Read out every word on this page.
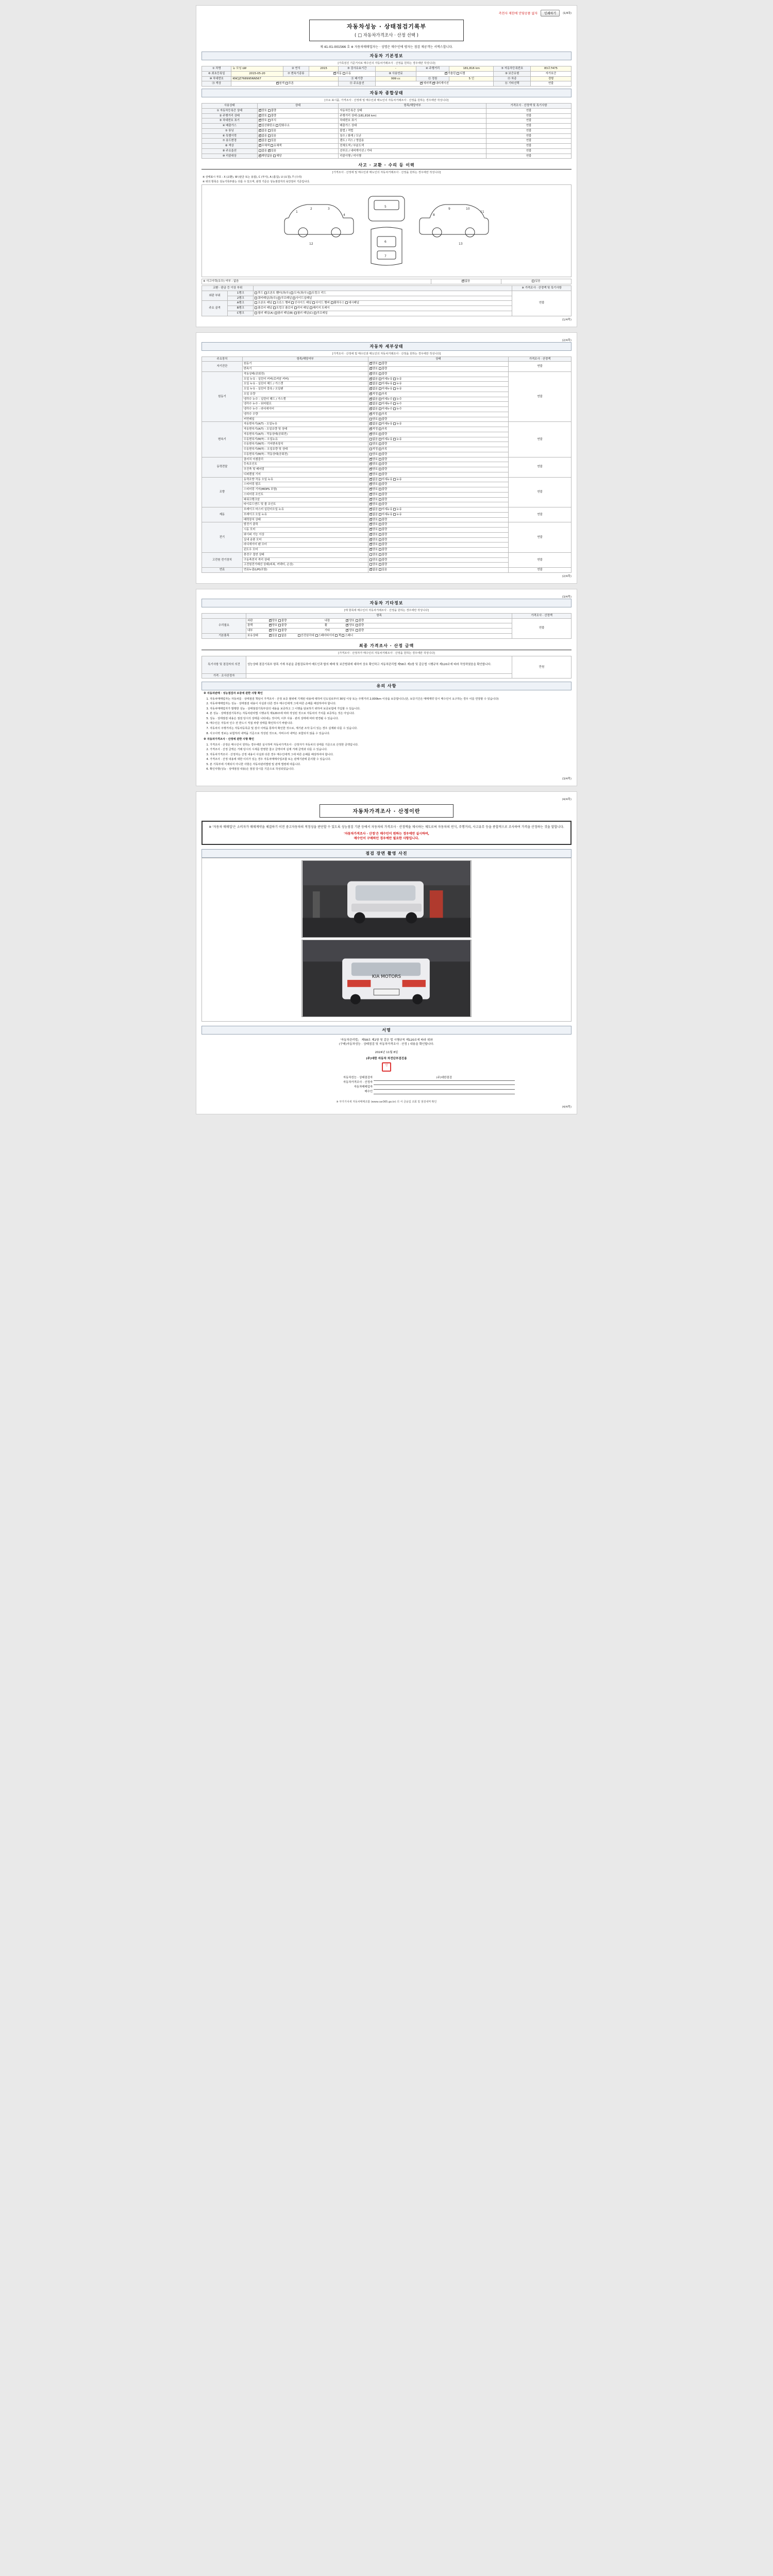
측천사 제한에 안당공품 없자	인쇄하기	(1/4쪽)
자동차성능 · 상태점검기록부
( □ 자동차가격조사 · 산정 선택 )
제 41-01-001566 호 ※ 자동차매매업자는 · 성명은 매수인에 평자는 점검 제공객는 서액스합니다.
자동차 기본정보
[가족검진 기준거치로 매수인의 자동차거래조사 · 산정을 원하는 경우에만 작성니다]
① 차명	뉴 모닝 LW	② 연식	2015	③ 검사유효기간	-	④ 주행거리	181,816 km	⑤ 자동차등록번호	83조7475
⑥ 최초등록일	2015-05-20	⑦ 변속기종류	✓자동 수동		⑧ 사용연료	✓가솔린 디젤		⑨ 보증유형	자가보증
⑩ 차대번호	KNCJZ768995NN567			⑪ 배기량	999 cc	⑫ 정원	5 인	⑬ 차종	경형
⑭ 색상	✓원색 투톤			⑮ 주요옵션	✓에어백 ✓ 내비게이션			⑯ 기타선택	연불
자동차 종합상태
[주요 표시품, 가격조사 · 산정에 및 매수인과 매도인의 자동차거래조사 · 산정을 원하는 경우에만 작성니다]
사용상태	상태	항목/해당여부	가격조사 · 산정액 및 특기사항
① 자동차등록증 상태	✓양호 불량	자동차등록증 상태	연불
② 주행거리 상태	✓양호 불량	주행거리 상태 (181,816 km)	연불
③ 차대번호 표기	✓양호 부식	차대번호 표기	연불
④ 배출가스	✓일산화탄소 탄화수소	배출가스 상태	연불
⑤ 튜닝	✓없음 있음	불법 / 적법	연불
⑥ 특별이력	✓없음 있음	침수 / 화재 / 도난	연불
⑦ 용도변경	✓없음 있음	렌트 / 리스 / 영업용	연불
⑧ 색상	✓무채색 유채색	전체도색 / 부분도색	연불
⑨ 주요옵션	없음 ✓ 있음	선루프 / 내비게이션 / 기타	연불
⑩ 리콜대상	✓해당없음 해당	리콜이행 / 미이행	연불
사고 · 교환 · 수리 등 이력
[가격조사 · 산정에 및 매수인과 매도인의 자동차거래조사 · 산정을 원하는 경우에만 작성니다]
※ 상태표시 부호 : X (교환), W (판금 또는 용접), C (부식), A (흠집), U (요철), T (수리)
※ 위의 항목은 성능기록부와는 다를 수 있으며, 판정 기준은 성능점검자의 육안검사 기준입니다.
1
2	3
4
5
6
7
8
9	10
11
12	13
※ 사고이력(유무) 여부 : 없음	✓없음	있음
교환 · 판금 등 이상 부위			※ 가격조사 · 산정액 및 특기사항
외판 부위	1랭크	후드 프론트 휀더(좌/우) 도어(좌/우) 트렁크 리드	연불
	2랭크	쿼터패널(좌/우) 루프패널 사이드실패널	
주요 골격	A랭크	프론트 패널 크로스 멤버 인사이드 패널 사이드 멤버 휠하우스 대시패널	
	B랭크	플로어 패널 트렁크 플로어 리어 패널 패키지 트레이	
	C랭크	필러 패널(A) 필러 패널(B) 필러 패널(C) 루프레일	
(1/4쪽)
(2/4쪽)
자동차 세부상태
[가격조사 · 산정에 및 매수인과 매도인의 자동차거래조사 · 산정을 원하는 경우에만 작성니다]
주요장치	항목/해당여부	상태	가격조사 · 산정액
자기진단	원동기	✓양호 불량	연불
	변속기	✓양호 불량
원동기	작동상태(공회전)	✓양호 불량	연불
	오일 누유 - 실린더 커버(로커암 커버)	✓없음 미세누유 누유
	오일 누유 - 실린더 헤드 / 가스켓	✓없음 미세누유 누유
	오일 누유 - 실린더 블록 / 오일팬	✓없음 미세누유 누유
	오일 유량	✓적정 부족
	냉각수 누수 - 실린더 헤드 / 가스켓	✓없음 미세누수 누수
	냉각수 누수 - 워터펌프	✓없음 미세누수 누수
	냉각수 누수 - 라디에이터	✓없음 미세누수 누수
	냉각수 수량	✓적정 부족
	커먼레일	양호 불량	
변속기	자동변속기(A/T) - 오일누유	✓없음 미세누유 누유	연불
	자동변속기(A/T) - 오일유량 및 상태	✓적정 부족
	자동변속기(A/T) - 작동상태(공회전)	✓양호 불량
	수동변속기(M/T) - 오일누유	없음 미세누유 누유	
	수동변속기(M/T) - 기어변속장치	양호 불량	
	수동변속기(M/T) - 오일유량 및 상태	적정 부족	
	수동변속기(M/T) - 작동상태(공회전)	양호 불량	
동력전달	클러치 어셈블리	✓양호 불량	연불
	등속조인트	✓양호 불량
	추진축 및 베어링	✓양호 불량
	디퍼렌셜 기어	✓양호 불량
조향	동력조향 작동 오일 누유	✓없음 미세누유 누유	연불
	스티어링 펌프	✓양호 불량
	스티어링 기어(MDPS 포함)	✓양호 불량
	스티어링 조인트	✓양호 불량
	파워크랭크암	✓양호 불량
	타이로드엔드 및 볼 조인트	✓양호 불량
제동	브레이크 마스터 실린더오일 누유	✓없음 미세누유 누유	연불
	브레이크 오일 누유	✓없음 미세누유 누유
	배력장치 상태	✓양호 불량
전기	발전기 출력	✓양호 불량	연불
	시동 모터	✓양호 불량
	와이퍼 기능 이상	✓양호 불량
	실내 송풍 모터	✓양호 불량
	라디에이터 팬 모터	✓양호 불량
	윈도우 모터	✓양호 불량
고전원 전기장치	충전구 절연 상태	양호 불량	연불
	구동축전지 격리 상태	양호 불량	
	고전원전기배선 상태(피복, 커넥터, 손상)	양호 불량	
연료	연료누출(LPG포함)	✓없음 있음	연불
(2/4쪽)
(3/4쪽)
자동차 기타정보
[매 항목에 매수인의 자동차거래조사 · 산정을 원하는 경우에만 작성니다]
	항목	가격조사 · 산정액
수리필요	외판 ✓ 양호 불량 내장 ✓ 양호 불량	연불
	광택 ✓ 양호 불량 휠 ✓ 양호 불량
	내부 ✓ 양호 불량 기타 ✓ 양호 불량
기본품목	보유상태 ✓ 있음 없음 안전삼각대 스페어타이어 잭 스패너
최종 가격조사 · 산정 금액
[가격조사 · 산정자가 매수인의 자동차거래조사 · 산정을 원하는 경우에만 작성니다]
특기사항 및 점검자의 의견	성능상태 점검기록부 항목 기재 부분을 종합검토하여 매도인과 합의 매매 및 보증범위에 대하여 상호 확인하고 자동차관리법 제58조 제1항 및 같은법 시행규칙 제120조에 따라 작성하였음을 확인합니다.	만원
가격 · 조사산정자		
유의 사항

※ 자동차판매 · 성능점검자 보증에 관한 사항 확인

1. 자동차매매업자는 자동차를 · 상태점검 책임이 가격조사 · 산정 보증 범위에 기재된 내용에 대하여 인도일로부터 30일 이상 또는 주행거리 2,000km 이상을 보증합니다.(단, 보증기간은 매매계약 당시 매수인이 요구하는 경우 이를 연장할 수 있습니다)
2. 자동차매매업자는 성능 · 상태점검 내용이 사실과 다른 경우 매수인에게 그에 따른 손해를 배상하여야 합니다.
3. 자동차매매업자가 발행한 성능 · 상태점검기록부상의 내용을 보증하고 그 이행을 담보하기 위하여 보증보험에 가입할 수 있습니다.
4. 본 성능 · 상태점검기록부는 자동차관리법 시행규칙 제120조에 따라 작성된 것으로 자동차의 가치를 보증하는 것은 아닙니다.
5. 성능 · 상태점검 내용은 점검 당시의 상태를 나타내는 것이며, 이후 사용 · 관리 상태에 따라 변경될 수 있습니다.
6. 매수인은 자동차 인수 전 반드시 직접 차량 상태를 확인하시기 바랍니다.
7. 자동차의 주행거리는 자동차등록증 및 검사 이력을 통하여 확인한 것으로, 계기판 조작 등이 있는 경우 실제와 다를 수 있습니다.
8. 사고이력 정보는 보험처리 내역을 기준으로 작성된 것으로, 자비수리 내역은 포함되지 않을 수 있습니다.

※ 자동차가격조사 · 산정에 관한 사항 확인

1. 가격조사 · 산정은 매수인이 원하는 경우에만 실시하며 자동차가격조사 · 산정자가 자동차의 상태를 기준으로 산정한 금액입니다.
2. 가격조사 · 산정 금액은 거래 당시의 시세를 반영한 참고 금액이며 실제 거래 금액과 다를 수 있습니다.
3. 자동차가격조사 · 산정자는 산정 내용이 사실과 다른 경우 매수인에게 그에 따른 손해를 배상하여야 합니다.
4. 가격조사 · 산정 내용에 대한 이의가 있는 경우 자동차매매사업조합 또는 관계기관에 문의할 수 있습니다.
5. 본 기록부에 기재되지 아니한 사항은 자동차관리법령 및 관계 법령에 따릅니다.
6. 확인사항(성능 · 상태점검 내용)은 점검 당시를 기준으로 작성되었습니다.
(3/4쪽)
(4/4쪽)
자동차가격조사 · 산정이란
※ '자동차 매매업'은 소비자가 매매계약을 체결하기 이전 중고자동차의 적정성을 판단할 수 있도록 성능점검 기관 등에서 자동차의 가격조사 · 산정액을 제시하는 제도로써 자동차의 연식, 주행거리, 사고유무 등을 종합적으로 조사하여 가격을 산정하는 것을 말합니다.
'자동차가격조사 · 산정'은 매수인이 원하는 경우에만 실시하며,
매수인이 구매하던 경우에만 필요한 사항입니다.
점검 장면 촬영 사진
KIA MOTORS
서명
'자동차관리법」 제58조 제2항 및 같은 법 시행규칙 제120조에 따라 위와
(구매)자동차성능 · 상태점검 및 자동차가격조사 · 산정 ) 내용을 확인합니다.
2024년 11월 8일
(주)대한 자동차 차전단부검진용
인
자동차성능 · 상태점검자	(주)대한점검
자동차가격조사 · 산정자	
자동차매매업자	
매수인	
※ 부가가치세 자동차매매조합 (www.car365.go.kr) 의 서 금융업 조회 및 점검내역 확인
(4/4쪽)
